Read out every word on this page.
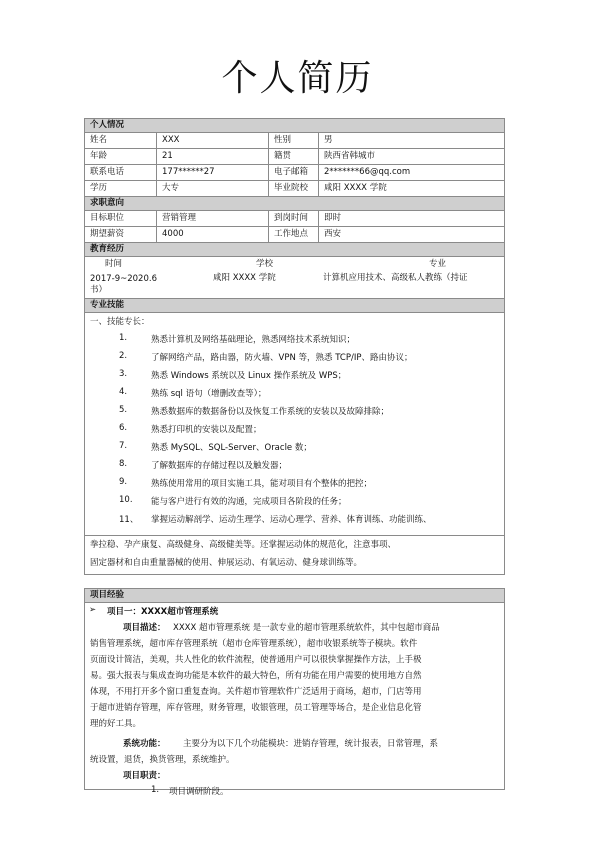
个人简历
个人情况			
姓名	XXX	性别	男
年龄	21	籍贯	陕西省韩城市
联系电话	177******27	电子邮箱	2*******66@qq.com
学历	大专	毕业院校	咸阳 XXXX 学院
求职意向			
目标职位	营销管理	到岗时间	即时
期望薪资	4000	工作地点	西安
教育经历			

时间 学校 专业			

2017-9~2020.6 咸阳 XXXX 学院 计算机应用技术、高级私人教练（持证
书）			

专业技能			
一、技能专长：
1.	熟悉计算机及网络基础理论，熟悉网络技术系统知识；
2.	了解网络产品，路由器，防火墙、VPN 等，熟悉 TCP/IP、路由协议；
3.	熟悉 Windows 系统以及 Linux 操作系统及 WPS；
4.	熟练 sql 语句（增删改查等）；
5.	熟悉数据库的数据备份以及恢复工作系统的安装以及故障排除；
6.	熟悉打印机的安装以及配置；
7.	熟悉 MySQL、SQL-Server、Oracle 数；
8.	了解数据库的存储过程以及触发器；
9.	熟练使用常用的项目实施工具，能对项目有个整体的把控；
10. 能与客户进行有效的沟通，完成项目各阶段的任务；
11、 掌握运动解剖学、运动生理学、运动心理学、营养、体育训练、功能训练、
拳拉稳、孕产康复、高级健身、高级健美等。还掌握运动体的规范化，注意事项、
固定器材和自由重量器械的使用、伸展运动、有氧运动、健身球训练等。
项目经验
➢ 项目一：XXXX超市管理系统
项目描述： XXXX 超市管理系统 是一款专业的超市管理系统软件，其中包超市商品
销售管理系统，超市库存管理系统（超市仓库管理系统），超市收银系统等子模块。软件
页面设计简洁，美观，共人性化的软件流程，使普通用户可以很快掌握操作方法，上手极
易。强大报表与集成查询功能是本软件的最大特色，所有功能在用户需要的使用地方自然
体现，不用打开多个窗口重复查询。关件超市管理软件广泛适用于商场，超市，门店等用
于超市进销存管理，库存管理，财务管理，收银管理，员工管理等场合，是企业信息化管
理的好工具。
系统功能： 主要分为以下几个功能模块：进销存管理，统计报表，日常管理，系
统设置，退货，换货管理，系统维护。
项目职责：
1. 项目调研阶段。
